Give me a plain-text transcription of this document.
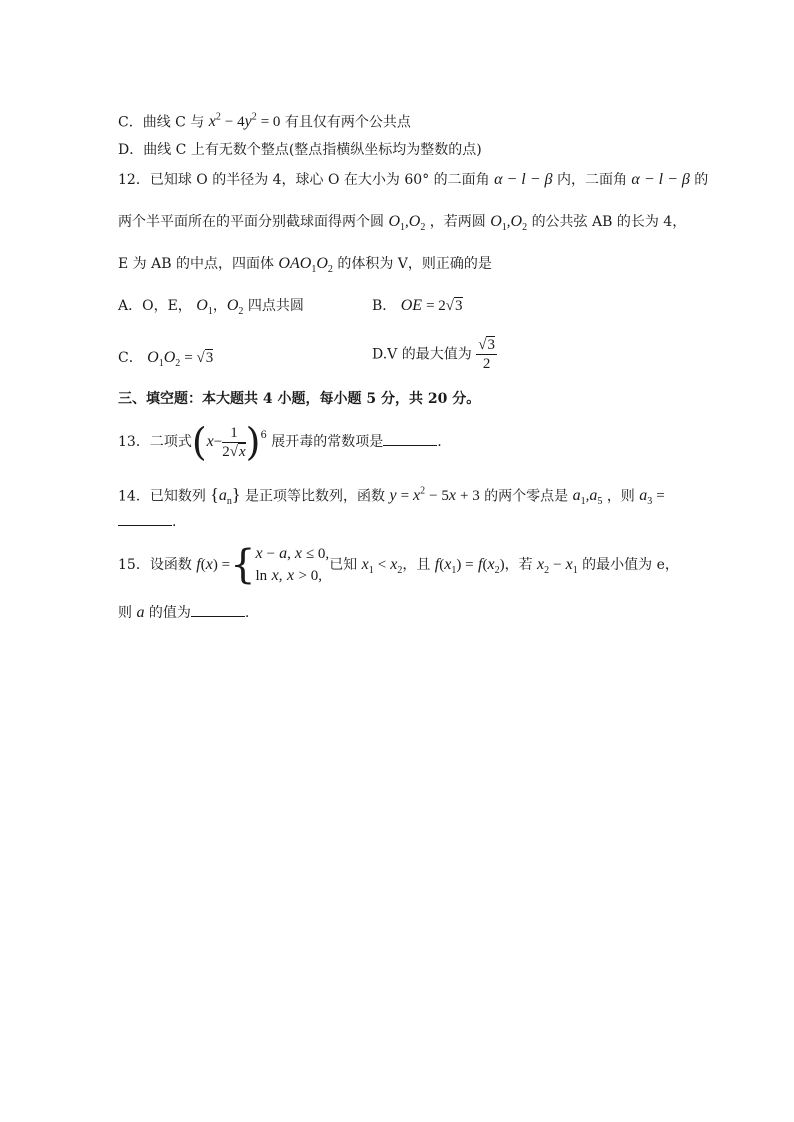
C．曲线 C 与 $x^2 - 4y^2 = 0$ 有且仅有两个公共点
D．曲线 C 上有无数个整点(整点指横纵坐标均为整数的点)
12．已知球 O 的半径为 4，球心 O 在大小为 60° 的二面角 α − l − β 内，二面角 α − l − β 的
两个半平面所在的平面分别截球面得两个圆 $O_1,O_2$ ，若两圆 $O_1,O_2$ 的公共弦 AB 的长为 4，
E 为 AB 的中点，四面体 $OAO_1O_2$ 的体积为 V，则正确的是
A．O，E， $O_1$，$O_2$ 四点共圆	B． OE = 2√3
C． $O_1O_2 = √3$	D.V 的最大值为 $\frac{√3}{2}$
三、填空题：本大题共 4 小题，每小题 5 分，共 20 分。
13．二项式$(x- \frac{1}{2√x} )^6$ 展开毒的常数项是	.
14．已知数列 $\{a_n\}$ 是正项等比数列，函数 $y = x^2 - 5x + 3$ 的两个零点是 $a_1,a_5$ ，则 $a_3$ =
.
15．设函数 f(x) ={ x − a, x ≤ 0,
ln x, x > 0,
已知 $x_1 < x_2$，且 $f(x_1) = f(x_2)$，若 $x_2 - x_1$ 的最小值为 e，
则 a 的值为	.
